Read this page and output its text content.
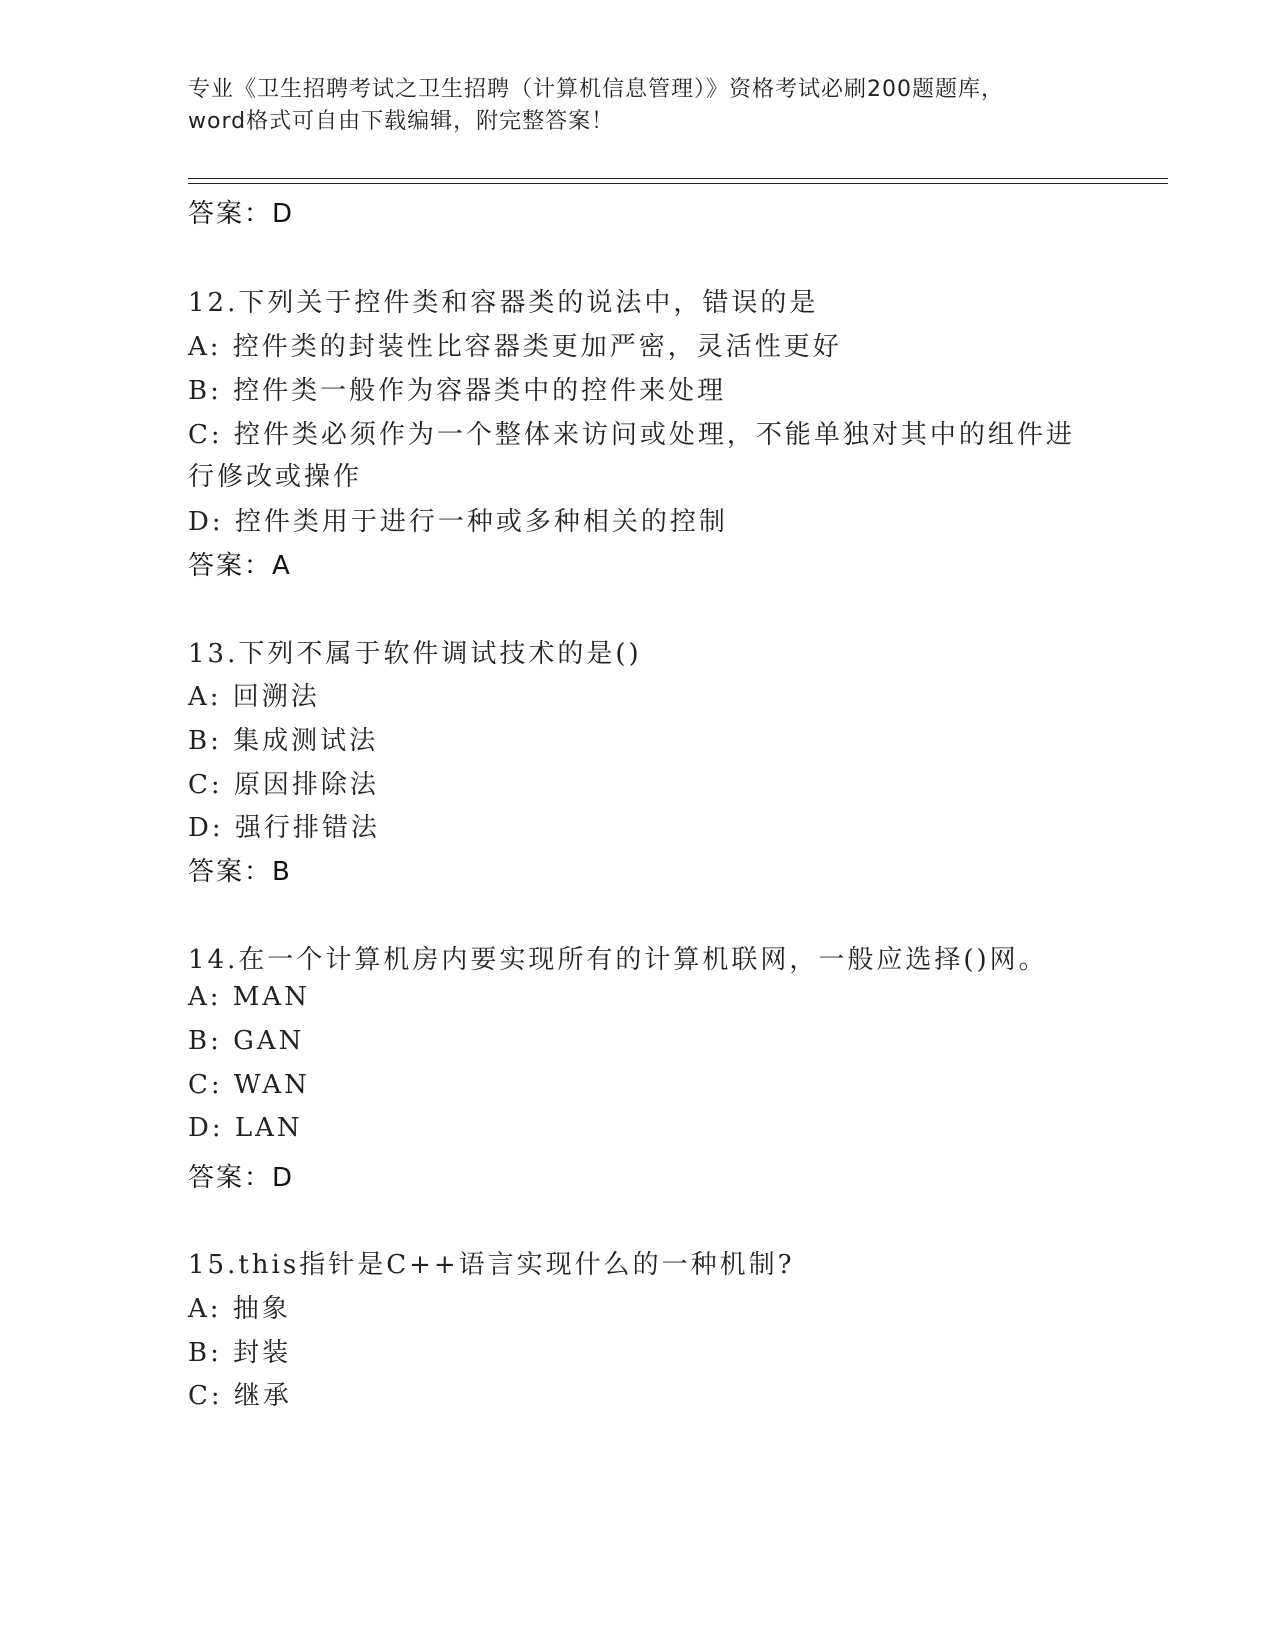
专业《卫生招聘考试之卫生招聘（计算机信息管理）》资格考试必刷200题题库，
word格式可自由下载编辑，附完整答案！
答案：D
12.下列关于控件类和容器类的说法中，错误的是
A: 控件类的封装性比容器类更加严密，灵活性更好
B: 控件类一般作为容器类中的控件来处理
C: 控件类必须作为一个整体来访问或处理，不能单独对其中的组件进
行修改或操作
D: 控件类用于进行一种或多种相关的控制
答案：A
13.下列不属于软件调试技术的是()
A: 回溯法
B: 集成测试法
C: 原因排除法
D: 强行排错法
答案：B
14.在一个计算机房内要实现所有的计算机联网，一般应选择()网。
A: MAN
B: GAN
C: WAN
D: LAN
答案：D
15.this指针是C++语言实现什么的一种机制?
A: 抽象
B: 封装
C: 继承
